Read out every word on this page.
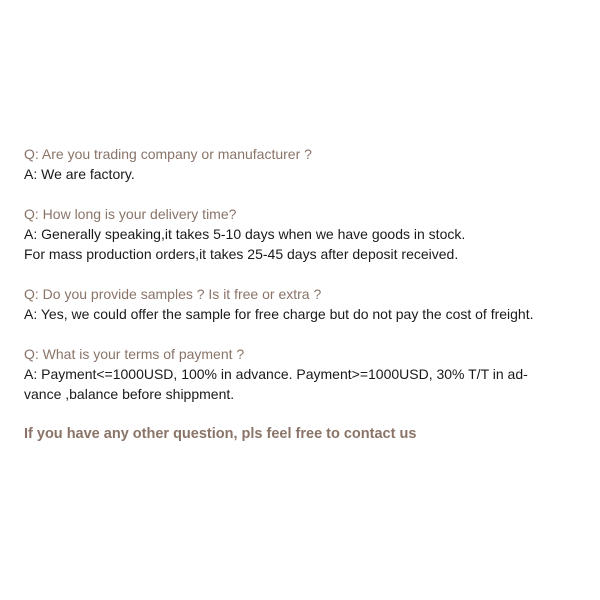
Q: Are you trading company or manufacturer ?
A: We are factory.
Q: How long is your delivery time?
A: Generally speaking,it takes 5-10 days when we have goods in stock.
For mass production orders,it takes 25-45 days after deposit received.
Q: Do you provide samples ? Is it free or extra ?
A: Yes, we could offer the sample for free charge but do not pay the cost of freight.
Q: What is your terms of payment ?
A: Payment<=1000USD, 100% in advance. Payment>=1000USD, 30% T/T in ad-
vance ,balance before shippment.
If you have any other question, pls feel free to contact us
